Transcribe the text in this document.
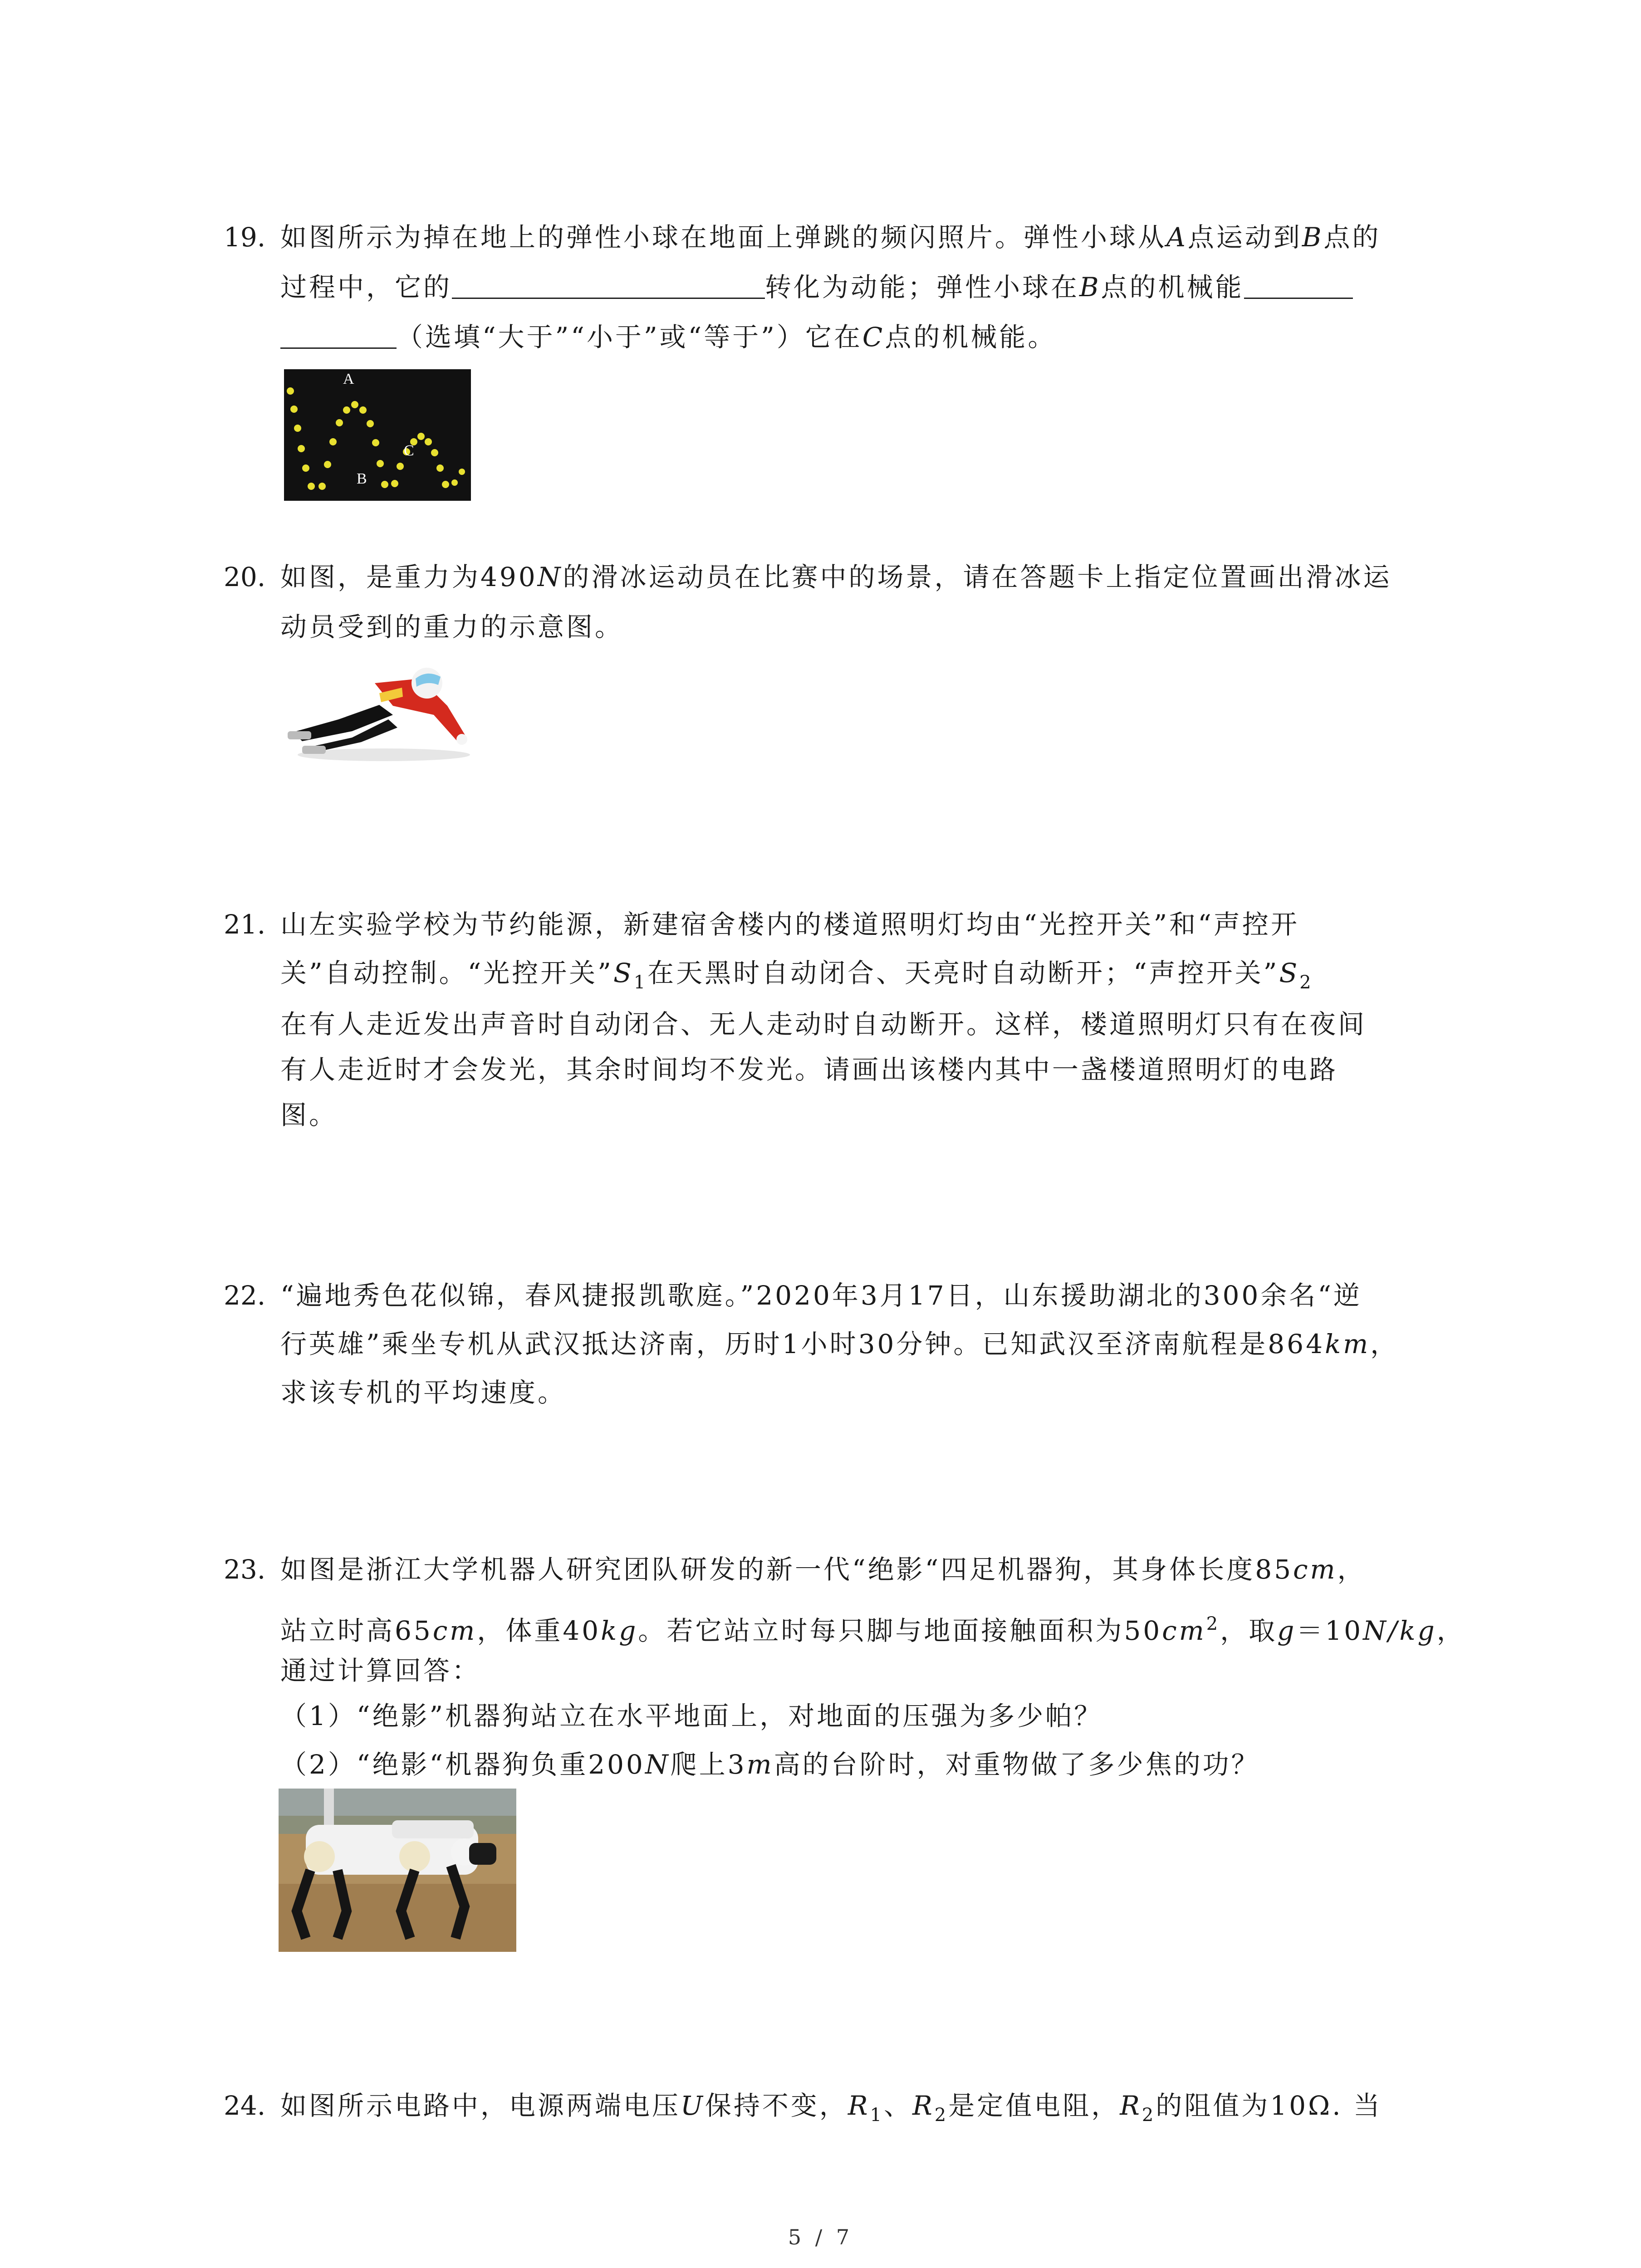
19. 如图所示为掉在地上的弹性小球在地面上弹跳的频闪照片。弹性小球从A点运动到B点的
过程中，它的	转化为动能；弹性小球在B点的机械能
（选填“大于”“小于”或“等于”）它在C点的机械能。
A
B
C
20. 如图，是重力为490N的滑冰运动员在比赛中的场景，请在答题卡上指定位置画出滑冰运
动员受到的重力的示意图。
21. 山左实验学校为节约能源，新建宿舍楼内的楼道照明灯均由“光控开关”和“声控开
关”自动控制。“光控开关$”S_1$在天黑时自动闭合、天亮时自动断开；“声控开关$”S_2$
在有人走近发出声音时自动闭合、无人走动时自动断开。这样，楼道照明灯只有在夜间
有人走近时才会发光，其余时间均不发光。请画出该楼内其中一盏楼道照明灯的电路
图。
22. “遍地秀色花似锦，春风捷报凯歌庭。”2020年3月17日，山东援助湖北的300余名“逆
行英雄”乘坐专机从武汉抵达济南，历时1小时30分钟。已知武汉至济南航程是864km，
求该专机的平均速度。
23. 如图是浙江大学机器人研究团队研发的新一代“绝影“四足机器狗，其身体长度85cm，
站立时高65cm，体重40kg。若它站立时每只脚与地面接触面积为$50cm^2$，取g＝10N/kg，
通过计算回答：
（1）“绝影”机器狗站立在水平地面上，对地面的压强为多少帕？
（2）“绝影“机器狗负重200N爬上3m高的台阶时，对重物做了多少焦的功？
24. 如图所示电路中，电源两端电压U保持不变，$R_1$、$R_2$是定值电阻，$R_2$的阻值为10Ω. 当
5 / 7
